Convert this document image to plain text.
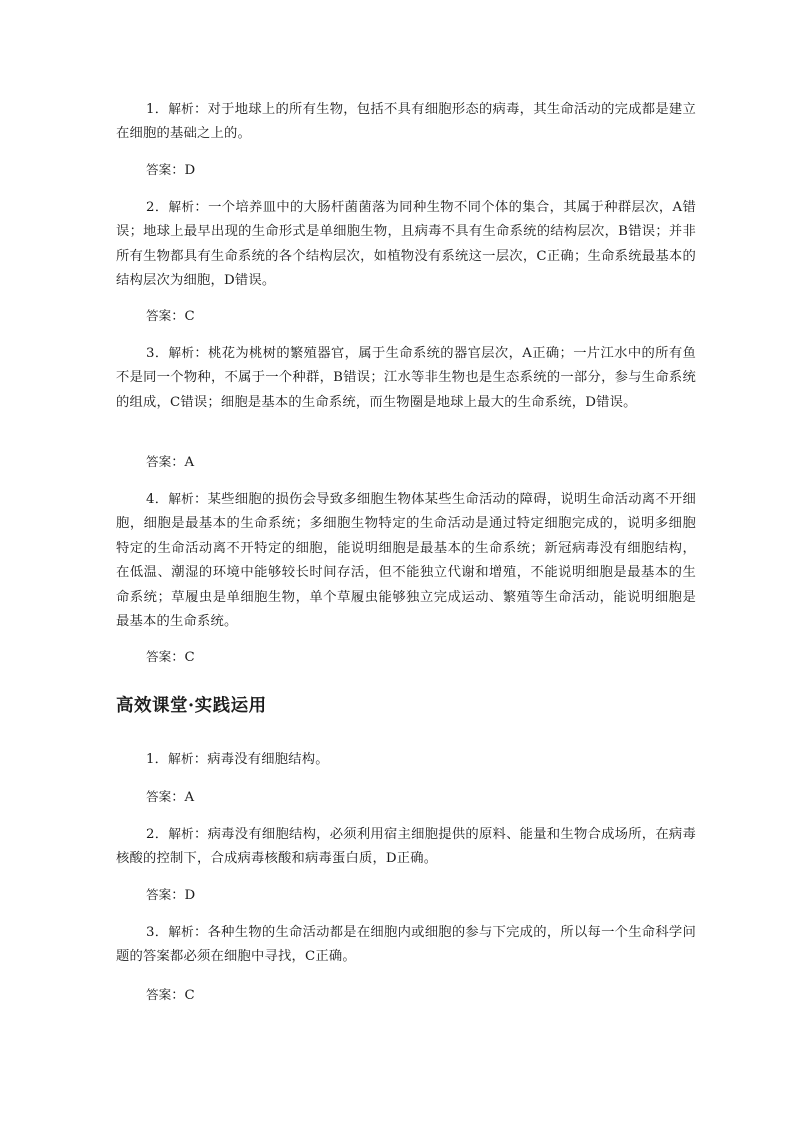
1．解析：对于地球上的所有生物，包括不具有细胞形态的病毒，其生命活动的完成都是建立在细胞的基础之上的。
答案：D
2．解析：一个培养皿中的大肠杆菌菌落为同种生物不同个体的集合，其属于种群层次，A错误；地球上最早出现的生命形式是单细胞生物，且病毒不具有生命系统的结构层次，B错误；并非所有生物都具有生命系统的各个结构层次，如植物没有系统这一层次，C正确；生命系统最基本的结构层次为细胞，D错误。
答案：C
3．解析：桃花为桃树的繁殖器官，属于生命系统的器官层次，A正确；一片江水中的所有鱼不是同一个物种，不属于一个种群，B错误；江水等非生物也是生态系统的一部分，参与生命系统的组成，C错误；细胞是基本的生命系统，而生物圈是地球上最大的生命系统，D错误。
答案：A
4．解析：某些细胞的损伤会导致多细胞生物体某些生命活动的障碍，说明生命活动离不开细胞，细胞是最基本的生命系统；多细胞生物特定的生命活动是通过特定细胞完成的，说明多细胞特定的生命活动离不开特定的细胞，能说明细胞是最基本的生命系统；新冠病毒没有细胞结构，在低温、潮湿的环境中能够较长时间存活，但不能独立代谢和增殖，不能说明细胞是最基本的生命系统；草履虫是单细胞生物，单个草履虫能够独立完成运动、繁殖等生命活动，能说明细胞是最基本的生命系统。
答案：C
高效课堂·实践运用
1．解析：病毒没有细胞结构。
答案：A
2．解析：病毒没有细胞结构，必须利用宿主细胞提供的原料、能量和生物合成场所，在病毒核酸的控制下，合成病毒核酸和病毒蛋白质，D正确。
答案：D
3．解析：各种生物的生命活动都是在细胞内或细胞的参与下完成的，所以每一个生命科学问题的答案都必须在细胞中寻找，C正确。
答案：C
